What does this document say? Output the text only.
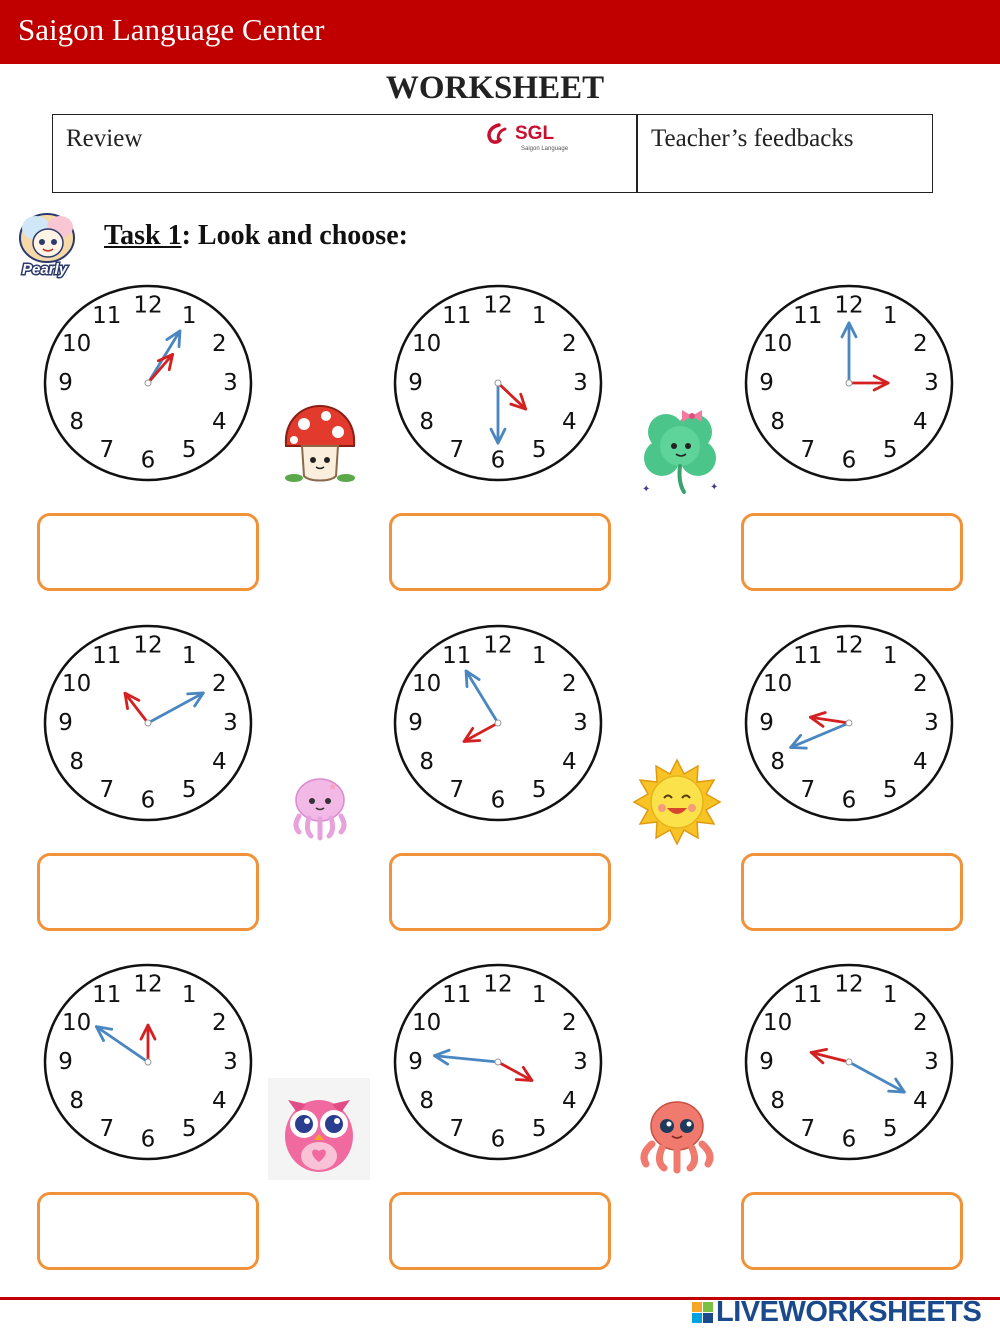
Saigon Language Center
WORKSHEET
Review	SGL
Saigon Language	Teacher’s feedbacks
Pearly
Task 1: Look and choose:
12 1
2
3
4
5
6
7
8
9
10
11	12 1
2
3
4
5
6
7
8
9
10
11	12 1
2
3
4
5
6
7
8
9
10
11
12 1
2
3
4
5
6
7
8
9
10
11	12 1
2
3
4
5
6
7
8
9
10
11	12 1
2
3
4
5
6
7
8
9
10
11
12 1
2
3
4
5
6
7
8
9
10
11	12 1
2
3
4
5
6
7
8
9
10
11	12 1
2
3
4
5
6
7
8
9
10
11
✦	✦
★
LIVEWORKSHEETS
